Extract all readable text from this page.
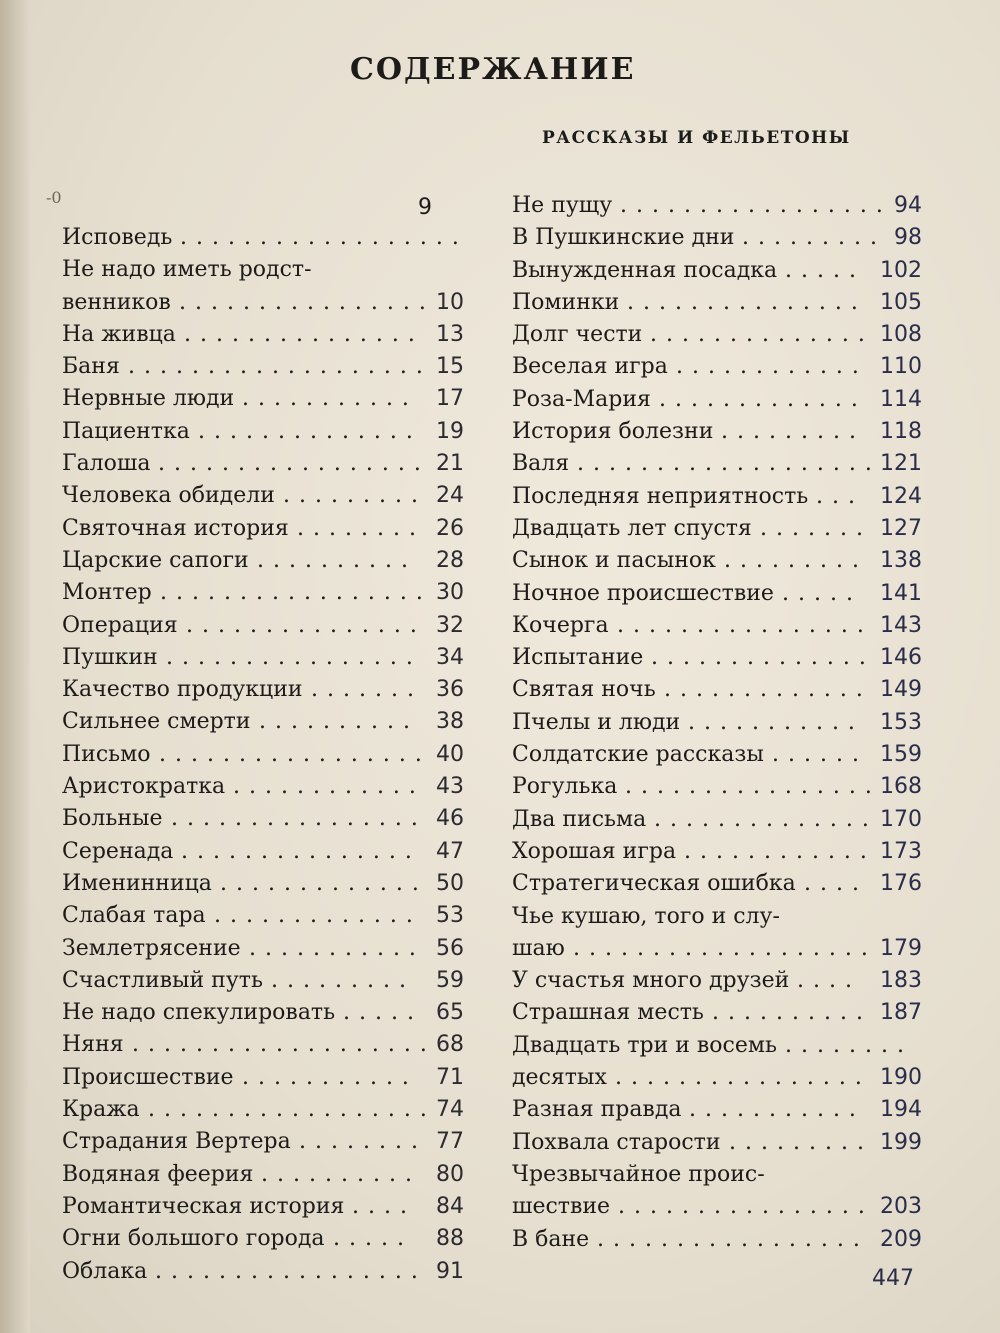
-0
СОДЕРЖАНИЕ
РАССКАЗЫ И ФЕЛЬЕТОНЫ
9
Исповедь ..................
Не надо иметь родст-
венников	10
................
На живца	13
...............
Баня	15
...................
Нервные люди	17
...........
Пациентка	19
..............
Галоша	21
.................
Человека обидели	24
.........
Святочная история	26
........
Царские сапоги	28
..........
Монтер	30
.................
Операция	32
...............
Пушкин	34
................
Качество продукции	36
.......
Сильнее смерти	38
..........
Письмо	40
.................
Аристократка	43
............
Больные	46
................
Серенада	47
...............
Именинница	50
.............
Слабая тара	53
.............
Землетрясение	56
...........
Счастливый путь	59
.........
Не надо спекулировать	65
.....
Няня	68
...................
Происшествие	71
...........
Кража	74
..................
Страдания Вертера	77
........
Водяная феерия	80
..........
Романтическая история	84
....
Огни большого города	88
.....
Облака	91
.................
Не пущу	94
.................
В Пушкинские дни	98
.........
Вынужденная посадка	102
.....
Поминки	105
...............
Долг чести	108
..............
Веселая игра	110
............
Роза-Мария	114
.............
История болезни	118
.........
Валя	121
...................
Последняя неприятность	124
...
Двадцать лет спустя	127
.......
Сынок и пасынок	138
.........
Ночное происшествие	141
.....
Кочерга	143
................
Испытание	146
..............
Святая ночь	149
.............
Пчелы и люди	153
...........
Солдатские рассказы	159
......
Рогулька	168
................
Два письма	170
..............
Хорошая игра	173
............
Стратегическая ошибка	176
....
Чье кушаю, того и слу-
шаю	179
...................
У счастья много друзей	183
....
Страшная месть	187
..........
Двадцать три и восемь ........
десятых	190
................
Разная правда	194
...........
Похвала старости	199
.........
Чрезвычайное проис-
шествие	203
................
В бане	209
.................
447
